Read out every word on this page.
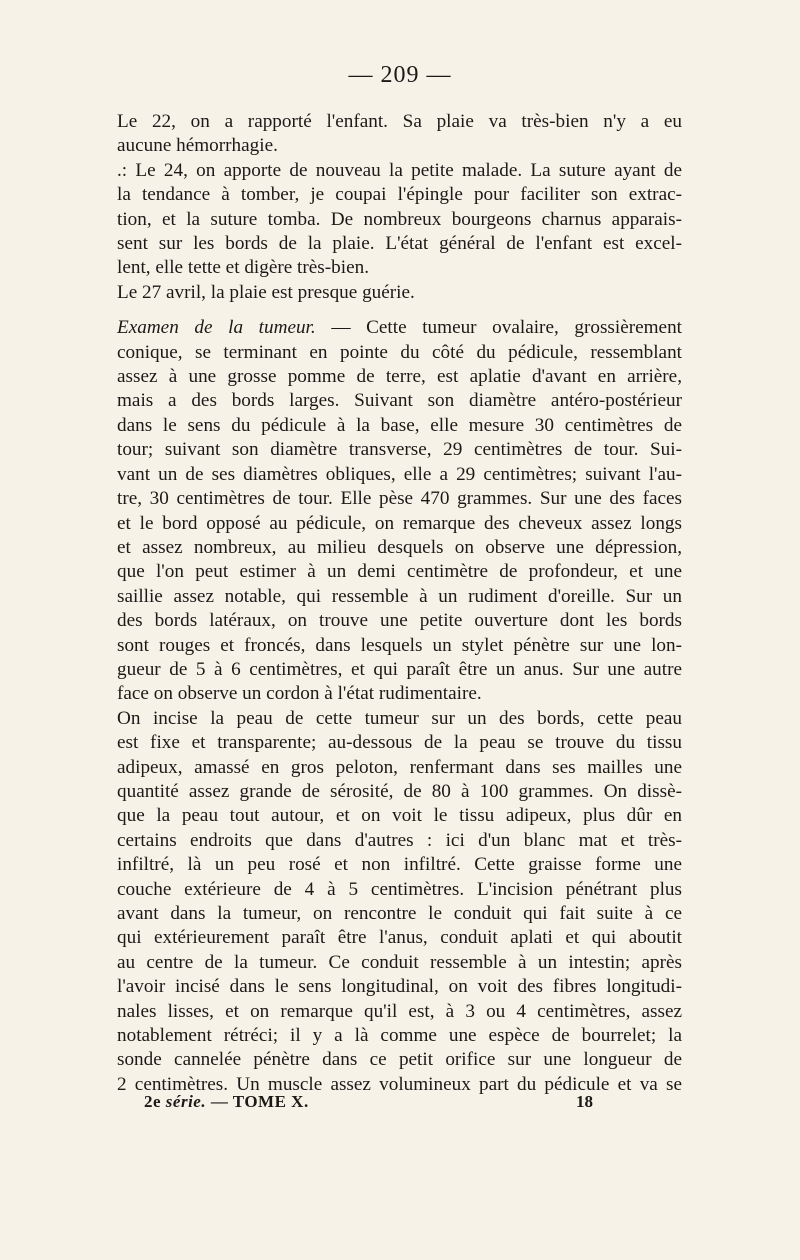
— 209 —
Le 22, on a rapporté l'enfant. Sa plaie va très-bien n'y a eu
aucune hémorrhagie.
.: Le 24, on apporte de nouveau la petite malade. La suture ayant de
la tendance à tomber, je coupai l'épingle pour faciliter son extrac-
tion, et la suture tomba. De nombreux bourgeons charnus apparais-
sent sur les bords de la plaie. L'état général de l'enfant est excel-
lent, elle tette et digère très-bien.
Le 27 avril, la plaie est presque guérie.
Examen de la tumeur. — Cette tumeur ovalaire, grossièrement
conique, se terminant en pointe du côté du pédicule, ressemblant
assez à une grosse pomme de terre, est aplatie d'avant en arrière,
mais a des bords larges. Suivant son diamètre antéro-postérieur
dans le sens du pédicule à la base, elle mesure 30 centimètres de
tour; suivant son diamètre transverse, 29 centimètres de tour. Sui-
vant un de ses diamètres obliques, elle a 29 centimètres; suivant l'au-
tre, 30 centimètres de tour. Elle pèse 470 grammes. Sur une des faces
et le bord opposé au pédicule, on remarque des cheveux assez longs
et assez nombreux, au milieu desquels on observe une dépression,
que l'on peut estimer à un demi centimètre de profondeur, et une
saillie assez notable, qui ressemble à un rudiment d'oreille. Sur un
des bords latéraux, on trouve une petite ouverture dont les bords
sont rouges et froncés, dans lesquels un stylet pénètre sur une lon-
gueur de 5 à 6 centimètres, et qui paraît être un anus. Sur une autre
face on observe un cordon à l'état rudimentaire.
On incise la peau de cette tumeur sur un des bords, cette peau
est fixe et transparente; au-dessous de la peau se trouve du tissu
adipeux, amassé en gros peloton, renfermant dans ses mailles une
quantité assez grande de sérosité, de 80 à 100 grammes. On dissè-
que la peau tout autour, et on voit le tissu adipeux, plus dûr en
certains endroits que dans d'autres : ici d'un blanc mat et très-
infiltré, là un peu rosé et non infiltré. Cette graisse forme une
couche extérieure de 4 à 5 centimètres. L'incision pénétrant plus
avant dans la tumeur, on rencontre le conduit qui fait suite à ce
qui extérieurement paraît être l'anus, conduit aplati et qui aboutit
au centre de la tumeur. Ce conduit ressemble à un intestin; après
l'avoir incisé dans le sens longitudinal, on voit des fibres longitudi-
nales lisses, et on remarque qu'il est, à 3 ou 4 centimètres, assez
notablement rétréci; il y a là comme une espèce de bourrelet; la
sonde cannelée pénètre dans ce petit orifice sur une longueur de
2 centimètres. Un muscle assez volumineux part du pédicule et va se
2e série. — TOME X.	18
